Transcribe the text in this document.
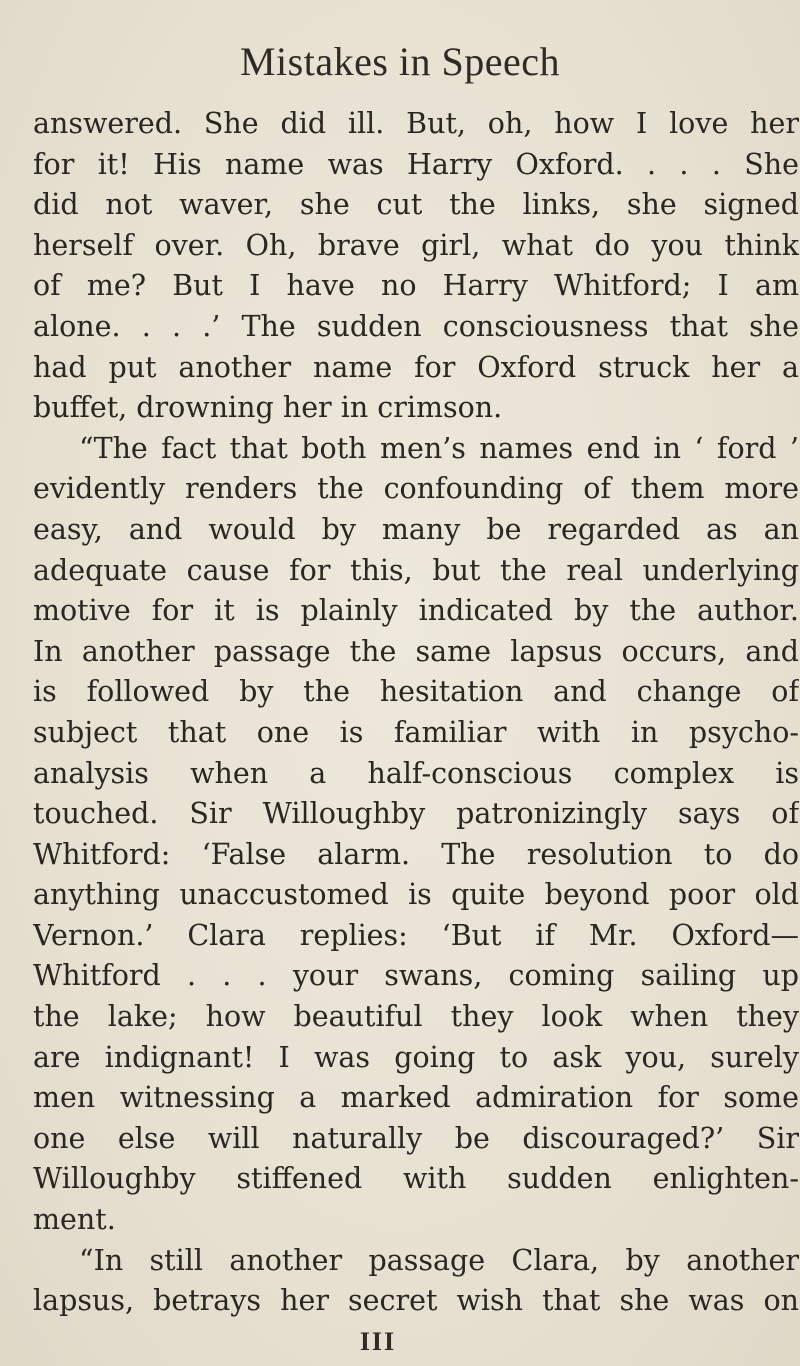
Mistakes in Speech
answered. She did ill. But, oh, how I love her
for it! His name was Harry Oxford. . . . She
did not waver, she cut the links, she signed
herself over. Oh, brave girl, what do you think
of me? But I have no Harry Whitford; I am
alone. . . .’ The sudden consciousness that she
had put another name for Oxford struck her a
buffet, drowning her in crimson.
“The fact that both men’s names end in ‘ ford ’
evidently renders the confounding of them more
easy, and would by many be regarded as an
adequate cause for this, but the real underlying
motive for it is plainly indicated by the author.
In another passage the same lapsus occurs, and
is followed by the hesitation and change of
subject that one is familiar with in psycho-
analysis when a half-conscious complex is
touched. Sir Willoughby patronizingly says of
Whitford: ‘False alarm. The resolution to do
anything unaccustomed is quite beyond poor old
Vernon.’ Clara replies: ‘But if Mr. Oxford—
Whitford . . . your swans, coming sailing up
the lake; how beautiful they look when they
are indignant! I was going to ask you, surely
men witnessing a marked admiration for some
one else will naturally be discouraged?’ Sir
Willoughby stiffened with sudden enlighten-
ment.
“In still another passage Clara, by another
lapsus, betrays her secret wish that she was on
III
